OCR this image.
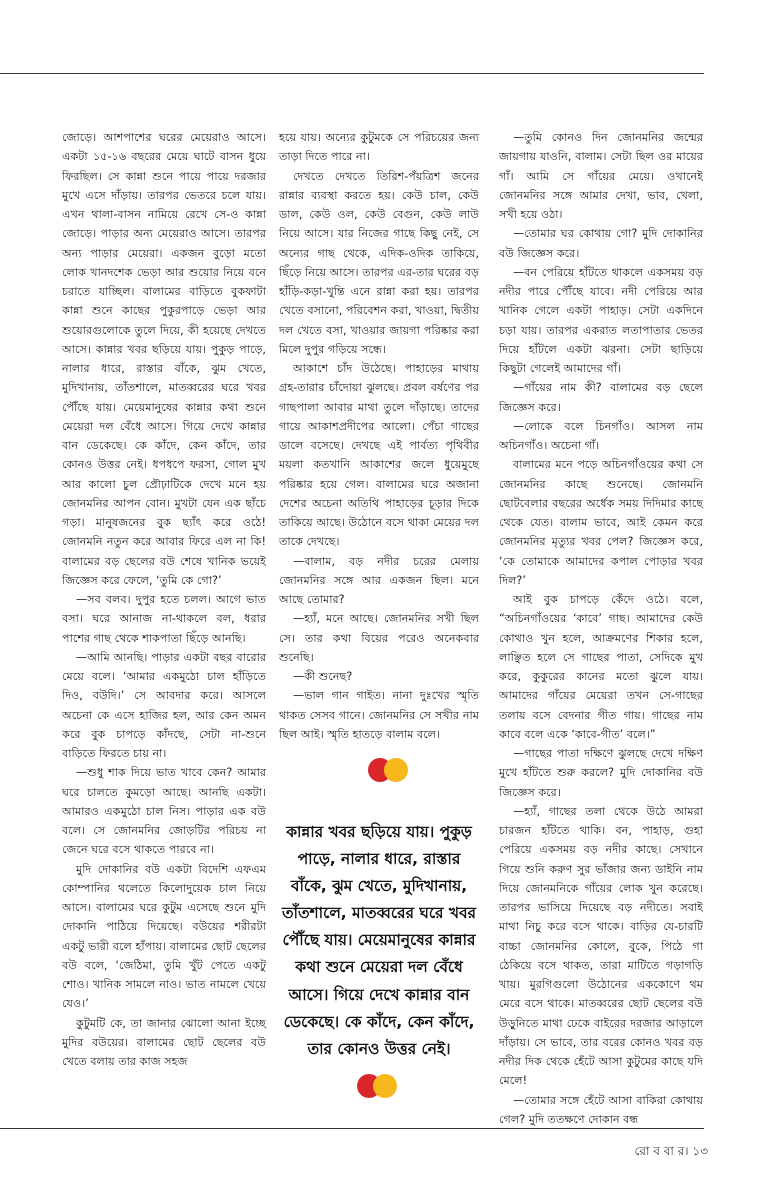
জোড়ে। আশপাশের ঘরের মেয়েরাও আসে। একটা ১৫-১৬ বছরের মেয়ে ঘাটে বাসন ধুয়ে ফিরছিল। সে কান্না শুনে পায়ে পায়ে দরজার মুখে এসে দাঁড়ায়। তারপর ভেতরে চলে যায়। এখন থালা-বাসন নামিয়ে রেখে সে-ও কান্না জোড়ে। পাড়ার অন্য মেয়েরাও আসে। তারপর অন্য পাড়ার মেয়েরা। একজন বুড়ো মতো লোক খানদশেক ভেড়া আর শুয়োর নিয়ে বনে চরাতে যাচ্ছিল। বালামের বাড়িতে বুকফাটা কান্না শুনে কাছের পুকুরপাড়ে ভেড়া আর শুয়োরগুলোকে তুলে দিয়ে, কী হয়েছে দেখতে আসে। কান্নার খবর ছড়িয়ে যায়। পুকুড় পাড়ে, নালার ধারে, রাস্তার বাঁকে, ঝুম খেতে, মুদিখানায়, তাঁতশালে, মাতব্বরের ঘরে খবর পৌঁছে যায়। মেয়েমানুষের কান্নার কথা শুনে মেয়েরা দল বেঁধে আসে। গিয়ে দেখে কান্নার বান ডেকেছে। কে কাঁদে, কেন কাঁদে, তার কোনও উত্তর নেই। ধপধপে ফরসা, গোল মুখ আর কালো চুল প্রৌঢ়াটিকে দেখে মনে হয় জোনমনির আপন বোন। মুখটা যেন এক ছাঁচে গড়া। মানুষজনের বুক ছ্যাঁৎ করে ওঠে! জোনমনি নতুন করে আবার ফিরে এল না কি! বালামের বড় ছেলের বউ শেষে খানিক ভয়েই জিজ্ঞেস করে ফেলে, ‘তুমি কে গো?’

—সব বলব। দুপুর হতে চলল। আগে ভাত বসা। ঘরে আনাজ না-থাকলে বল, ধরার পাশের গাছ থেকে শাকপাতা ছিঁড়ে আনছি।

—আমি আনছি। পাড়ার একটা বছর বারোর মেয়ে বলে। ‘আমার একমুঠো চাল হাঁড়িতে দিও, বউদি।’ সে আবদার করে। আসলে অচেনা কে এসে হাজির হল, আর কেন অমন করে বুক চাপড়ে কাঁদছে, সেটা না-শুনে বাড়িতে ফিরতে চায় না।

—শুধু শাক দিয়ে ভাত খাবে কেন? আমার ঘরে চালতে কুমড়ো আছে। আনছি একটা। আমারও একমুঠো চাল নিস। পাড়ার এক বউ বলে। সে জোনমনির জোড়টির পরিচয় না জেনে ঘরে বসে থাকতে পারবে না।

মুদি দোকানির বউ একটা বিদেশি এফএম কোম্পানির থলেতে কিলোদুয়েক চাল নিয়ে আসে। বালামের ঘরে কুটুম এসেছে শুনে মুদি দোকানি পাঠিয়ে দিয়েছে। বউয়ের শরীরটা একটু ভারী বলে হাঁপায়। বালামের ছোট ছেলের বউ বলে, ‘জেঠিমা, তুমি খুঁট পেতে একটু শোও। খানিক সামলে নাও। ভাত নামলে খেয়ে যেও।’

কুটুমটি কে, তা জানার ঝোলো আনা ইচ্ছে মুদির বউয়ের। বালামের ছোট ছেলের বউ খেতে বলায় তার কাজ সহজ

হয়ে যায়। অন্যের কুটুমকে সে পরিচয়ের জন্য তাড়া দিতে পারে না।

দেখতে দেখতে তিরিশ-পঁয়ত্রিশ জনের রান্নার ব্যবস্থা করতে হয়। কেউ চাল, কেউ ডাল, কেউ ওল, কেউ বেগুন, কেউ লাউ নিয়ে আসে। যার নিজের গাছে কিছু নেই, সে অন্যের গাছ থেকে, এদিক-ওদিক তাকিয়ে, ছিঁড়ে নিয়ে আসে। তারপর এর-তার ঘরের বড় হাঁড়ি-কড়া-খুন্তি এনে রান্না করা হয়। তারপর খেতে বসানো, পরিবেশন করা, খাওয়া, দ্বিতীয় দল খেতে বসা, খাওয়ার জায়গা পরিষ্কার করা মিলে দুপুর গড়িয়ে সন্ধে।

আকাশে চাঁদ উঠেছে। পাহাড়ের মাথায় গ্রহ-তারার চাঁদোয়া ঝুলছে। প্রবল বর্ষণের পর গাছপালা আবার মাথা তুলে দাঁড়াছে। তাদের গায়ে আকাশপ্রদীপের আলো। পেঁচা গাছের ডালে বসেছে। দেখছে এই পার্বত্য পৃথিবীর ময়লা কতখানি আকাশের জলে ধুয়েমুছে পরিষ্কার হয়ে গেল। বালামের ঘরে অজানা দেশের অচেনা অতিথি পাহাড়ের চূড়ার দিকে তাকিয়ে আছে। উঠোনে বসে থাকা মেয়ের দল তাকে দেখছে।

—বালাম, বড় নদীর চরের মেলায় জোনমনির সঙ্গে আর একজন ছিল। মনে আছে তোমার?

—হ্যাঁ, মনে আছে। জোনমনির সখী ছিল সে। তার কথা বিয়ের পরেও অনেকবার শুনেছি।

—কী শুনেছ?

—ভাল গান গাইত। নানা দুঃখের স্মৃতি থাকত সেসব গানে। জোনমনির সে সখীর নাম ছিল আই। স্মৃতি হাতড়ে বালাম বলে।

কান্নার খবর ছড়িয়ে যায়। পুকুড় পাড়ে, নালার ধারে, রাস্তার বাঁকে, ঝুম খেতে, মুদিখানায়, তাঁতশালে, মাতব্বরের ঘরে খবর পৌঁছে যায়। মেয়েমানুষের কান্নার কথা শুনে মেয়েরা দল বেঁধে আসে। গিয়ে দেখে কান্নার বান ডেকেছে। কে কাঁদে, কেন কাঁদে, তার কোনও উত্তর নেই।

—তুমি কোনও দিন জোনমনির জন্মের জায়গায় যাওনি, বালাম। সেটা ছিল ওর মায়ের গাঁ। আমি সে গাঁয়ের মেয়ে। ওখানেই জোনমনির সঙ্গে আমার দেখা, ভাব, খেলা, সখী হয়ে ওঠা।

—তোমার ঘর কোথায় গো? মুদি দোকানির বউ জিজ্ঞেস করে।

—বন পেরিয়ে হাঁটতে থাকলে একসময় বড় নদীর পারে পৌঁছে যাবে। নদী পেরিয়ে আর খানিক গেলে একটা পাহাড়। সেটা একদিনে চড়া যায়। তারপর একরাত লতাপাতার ভেতর দিয়ে হাঁটলে একটা ঝরনা। সেটা ছাড়িয়ে কিছুটা গেলেই আমাদের গাঁ।

—গাঁয়ের নাম কী? বালামের বড় ছেলে জিজ্ঞেস করে।

—লোকে বলে চিনগাঁও। আসল নাম অচিনগাঁও। অচেনা গাঁ।

বালামের মনে পড়ে অচিনগাঁওয়ের কথা সে জোনমনির কাছে শুনেছে। জোনমনি ছোটবেলার বছরের অর্ধেক সময় দিদিমার কাছে থেকে যেত। বালাম ভাবে, আই কেমন করে জোনমনির মৃত্যুর খবর পেল? জিজ্ঞেস করে, ‘কে তোমাকে আমাদের কপাল পোড়ার খবর দিল?’

আই বুক চাপড়ে কেঁদে ওঠে। বলে, “অচিনগাঁওয়ের ‘কাবে’ গাছ। আমাদের কেউ কোথাও খুন হলে, আক্রমণের শিকার হলে, লাঞ্ছিত হলে সে গাছের পাতা, সেদিকে মুখ করে, কুকুরের কানের মতো ঝুলে যায়। আমাদের গাঁয়ের মেয়েরা তখন সে-গাছের তলায় বসে বেদনার গীত গায়। গাছের নাম কাবে বলে একে ‘কাবে-গীত’ বলে।”

—গাছের পাতা দক্ষিণে ঝুলছে দেখে দক্ষিণ মুখে হাঁটতে শুরু করলে? মুদি দোকানির বউ জিজ্ঞেস করে।

—হ্যাঁ, গাছের তলা থেকে উঠে আমরা চারজন হাঁটতে থাকি। বন, পাহাড়, গুহা পেরিয়ে একসময় বড় নদীর কাছে। সেখানে গিয়ে শুনি করুণ সুর ভাঁজার জন্য ডাইনি নাম দিয়ে জোনমনিকে গাঁয়ের লোক খুন করেছে। তারপর ভাসিয়ে দিয়েছে বড় নদীতে। সবাই মাথা নিচু করে বসে থাকে। বাড়ির যে-চারটি বাচ্চা জোনমনির কোলে, বুকে, পিঠে গা ঠেকিয়ে বসে থাকত, তারা মাটিতে গড়াগড়ি খায়। মুরগিগুলো উঠোনের এককোণে থম মেরে বসে থাকে। মাতব্বরের ছোট ছেলের বউ উড়ুনিতে মাথা ঢেকে বাইরের দরজার আড়ালে দাঁড়ায়। সে ভাবে, তার বরের কোনও খবর বড় নদীর দিক থেকে হেঁটে আসা কুটুমের কাছে যদি মেলে!

—তোমার সঙ্গে হেঁটে আসা বাকিরা কোথায় গেল? মুদি ততক্ষণে দোকান বন্ধ

রো ব বা র। ১৩
